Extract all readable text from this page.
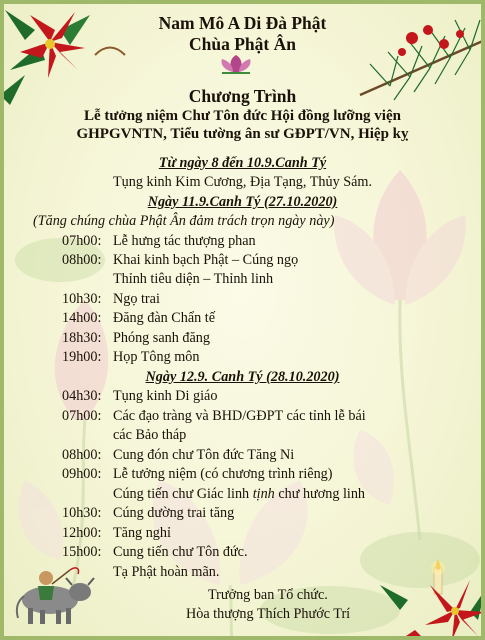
Nam Mô A Di Đà Phật
Chùa Phật Ân
Chương Trình
Lễ tưởng niệm Chư Tôn đức Hội đồng lưỡng viện
GHPGVNTN, Tiểu tường ân sư GĐPT/VN, Hiệp kỵ
Từ ngày 8 đến 10.9.Canh Tý
Tụng kinh Kim Cương, Địa Tạng, Thủy Sám.
Ngày 11.9.Canh Tý (27.10.2020)
(Tăng chúng chùa Phật Ân đảm trách trọn ngày này)
07h00: Lễ hưng tác thượng phan
08h00: Khai kinh bạch Phật – Cúng ngọ
Thỉnh tiêu diện – Thỉnh linh
10h30: Ngọ trai
14h00: Đăng đàn Chẩn tế
18h30: Phóng sanh đăng
19h00: Họp Tông môn
Ngày 12.9. Canh Tý (28.10.2020)
04h30: Tụng kinh Di giáo
07h00: Các đạo tràng và BHD/GĐPT các tỉnh lễ bái
các Bảo tháp
08h00: Cung đón chư Tôn đức Tăng Ni
09h00: Lễ tưởng niệm (có chương trình riêng)
Cúng tiến chư Giác linh tịnh chư hương linh
10h30: Cúng dường trai tăng
12h00: Tăng nghỉ
15h00: Cung tiến chư Tôn đức.
Tạ Phật hoàn mãn.
Trưởng ban Tổ chức.
Hòa thượng Thích Phước Trí
